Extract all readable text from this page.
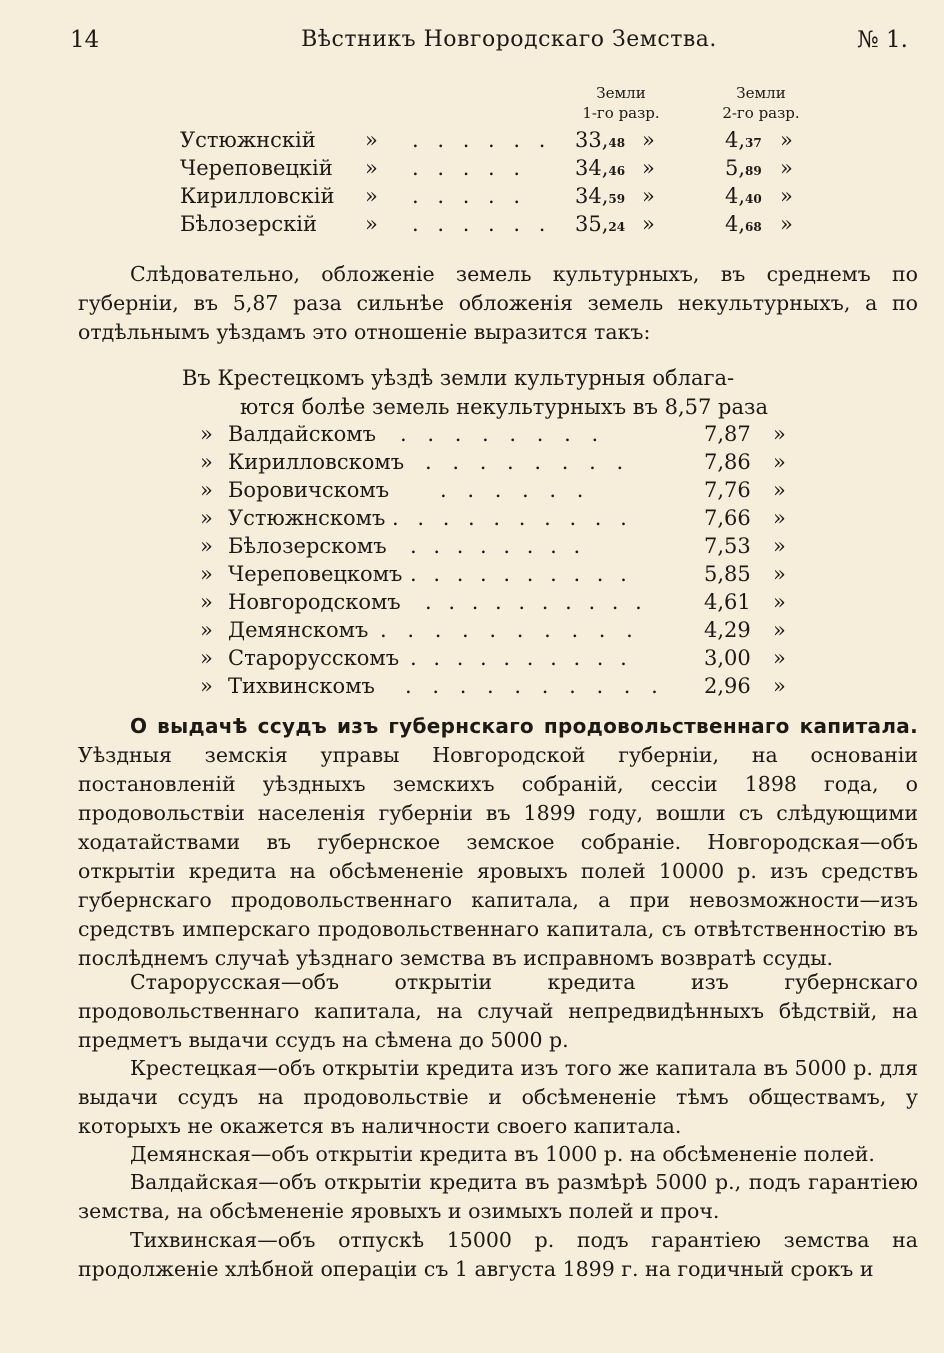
14	Вѣстникъ Новгородскаго Земства.	№ 1.
Земли
1-го разр.
Земли
2-го разр.
Устюжнскій » . . . . . . 33,48 »	4,37 »
Череповецкій » . . . . . 34,46 »	5,89 »
Кирилловскій » . . . . . 34,59 »	4,40 »
Бѣлозерскій » . . . . . . 35,24 »	4,68 »

Слѣдовательно, обложеніе земель культурныхъ, въ среднемъ по губерніи, въ 5,87 раза сильнѣе обложенія земель некультурныхъ, а по отдѣльнымъ уѣздамъ это отношеніе выразится такъ:

Въ Крестецкомъ уѣздѣ земли культурныя облага-
ются болѣе земель некультурныхъ въ 8,57 раза
» Валдайскомъ . . . . . . . .	7,87 »
» Кирилловскомъ . . . . . . . .	7,86 »
» Боровичскомъ . . . . . .	7,76 »
» Устюжнскомъ . . . . . . . . . .	7,66 »
» Бѣлозерскомъ . . . . . . . .	7,53 »
» Череповецкомъ . . . . . . . . . .	5,85 »
» Новгородскомъ . . . . . . . . . .	4,61 »
» Демянскомъ . . . . . . . . . .	4,29 »
» Старорусскомъ . . . . . . . . . .	3,00 »
» Тихвинскомъ . . . . . . . . . . 2,96 »

О выдачѣ ссудъ изъ губернскаго продовольственнаго капитала. Уѣздныя земскія управы Новгородской губерніи, на основаніи постановленій уѣздныхъ земскихъ собраній, сессіи 1898 года, о продовольствіи населенія губерніи въ 1899 году, вошли съ слѣдующими ходатайствами въ губернское земское собраніе. Новгородская—объ открытіи кредита на обсѣмененіе яровыхъ полей 10000 р. изъ средствъ губернскаго продовольственнаго капитала, а при невозможности—изъ средствъ имперскаго продовольственнаго капитала, съ отвѣтственностію въ послѣднемъ случаѣ уѣзднаго земства въ исправномъ возвратѣ ссуды.

Старорусская—объ открытіи кредита изъ губернскаго продовольственнаго капитала, на случай непредвидѣнныхъ бѣдствій, на предметъ выдачи ссудъ на сѣмена до 5000 р.

Крестецкая—объ открытіи кредита изъ того же капитала въ 5000 р. для выдачи ссудъ на продовольствіе и обсѣмененіе тѣмъ обществамъ, у которыхъ не окажется въ наличности своего капитала.

Демянская—объ открытіи кредита въ 1000 р. на обсѣмененіе полей.

Валдайская—объ открытіи кредита въ размѣрѣ 5000 р., подъ гарантіею земства, на обсѣмененіе яровыхъ и озимыхъ полей и проч.

Тихвинская—объ отпускѣ 15000 р. подъ гарантіею земства на продолженіе хлѣбной операціи съ 1 августа 1899 г. на годичный срокъ и
